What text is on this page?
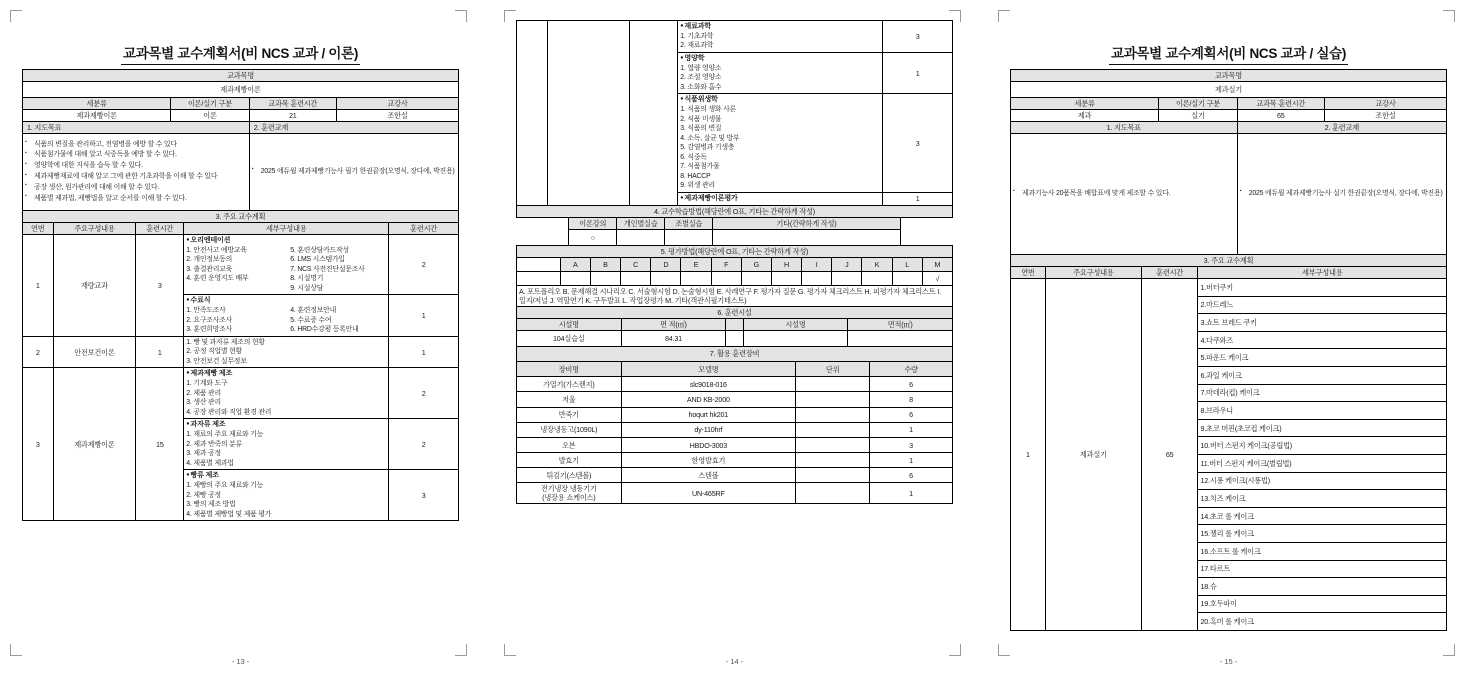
교과목별 교수계획서(비 NCS 교과 / 이론)
교과목명			
제과제빵이론			
세분류	이론/실기 구분	교과목 훈련시간	교강사
제과제빵이론	이론	21	조한설
1. 지도목표		2. 훈련교재	

▪ 식품의 변질을 관리하고, 전염병을 예방 할 수 있다
▪ 식품첨가물에 대해 알고 식중독을 예방 할 수 있다.
▪ 영양학에 대한 지식을 습득 할 수 있다.
▪ 제과제빵재료에 대해 알고 그에 관한 기초과학을 이해 할 수 있다
▪ 공장 생산, 원가관리에 대해 이해 할 수 있다.
▪ 제품별 제과법, 제빵법을 알고 순서를 이해 할 수 있다.

▪ 2025 에듀윌 제과제빵기능사 필기 한권끝장(오명식, 장다에, 박진용)
3. 주요 교수계획				
연번	주요구성내용	훈련시간	세부구성내용	훈련시간
1	재량교과	3	
● 오리엔테이션
1. 안전사고 예방교육
2. 개인정보동의
3. 출결관리교육
4. 훈련 운영지도 배부
5. 훈련상담카드작성
6. LMS 시스템가입
7. NCS 사전진단설문조사
8. 시설명기
9. 시설상담
	2

● 수료식
1. 만족도조사
2. 요구조사조사
3. 훈련희망조사
4. 훈련정보안내
5. 수료증 수여
6. HRD수강평 등록안내
	1
2	안전보건이론	1	
1. 빵 및 과자류 제조의 현황
2. 공정 직업별 현황
3. 안전보건 실무정보
	1
3	제과제빵이론	15	
● 제과제빵 제조
1. 기계와 도구
2. 제품 관리
3. 생산 관리
4. 공장 관리와 직업 환경 관리
	2

● 과자류 제조
1. 재료의 주요 재료와 기능
2. 제과 반죽의 분류
3. 제과 공정
4. 제품별 제과법
	2

● 빵류 제조
1. 제빵의 주요 재료와 기능
2. 제빵 공정
3. 빵의 제조 방법
4. 제품별 제빵법 및 제품 평가
	3
- 13 -

● 재료과학
1. 기초과학
2. 재료과학
	3

● 영양학
1. 열량 영양소
2. 조절 영양소
3. 소화와 흡수
	1

● 식품위생학
1. 식품의 생화 사론
2. 식품 미생물
3. 식품의 변질
4. 소독, 살균 및 방부
5. 감염병과 기생충
6. 식중독
7. 식품첨가물
8. HACCP
9. 위생 관리
	3

● 제과제빵이론평가	1
4. 교수학습방법(해당란에 O표, 기타는 간략하게 작성)					
	이론강의	개인별실습	조별실습	기타(간략하게 작성)	
	○				
5. 평가방법(해당란에 O표, 기타는 간략하게 작성)													
	A	B	C	D	E	F	G	H	I	J	K	L	M
													√
A. 포트폴리오 B. 문제해결 시나리오 C. 서술형시험 D. 논술형시험 E. 사례연구 F. 평가자 질문 G. 평가자 체크리스트 H. 피평가자 체크리스트 I. 일지/저널 J. 역할연기 K. 구두발표 L. 작업장평가 M. 기타(객관식필기테스트)													
6. 훈련시설				
시설명	면 적(㎡)		시설명	면적(㎡)
104실습실	84.31			
7. 활용 훈련장비			
장비명	모델명	단위	수량
가열기(가스렌지)	slc9018-016		6
저울	AND KB-2000		8
반죽기	hoqurt hk201		6
냉장냉동고(1090L)	dy-110hrf		1
오븐	HBDO-3003		3
발효기	한영발효기		1
튀김기(스텐볼)	스텐볼		6
전기냉장 냉동기기
(냉장용 쇼케이스)	UN-465RF		1
- 14 -
교과목별 교수계획서(비 NCS 교과 / 실습)
교과목명			
제과실기			
세분류	이론/실기 구분	교과목 훈련시간	교강사
제과	실기	65	조한설
1. 지도목표		2. 훈련교재	

▪ 제과기능사 20품목을 배합표에 맞게 제조할 수 있다.

▪2025 에듀윌 제과제빵기능사 실기 한권끝장(오명식, 장다에, 박진용)
3. 주요 교수계획			
연번	주요구성내용	훈련시간	세부구성내용
1	제과실기	65	1.버터쿠키
			2.마드레느
			3.쇼트 브레드 쿠키
			4.다쿠와즈
			5.파운드 케이크
			6.과일 케이크
			7.마데라(컵) 케이크
			8.브라우니
			9.초코 머핀(초코컵 케이크)
			10.버터 스펀지 케이크(공립법)
			11.버터 스펀지 케이크(별립법)
			12.시퐁 케이크(시퐁법)
			13.치즈 케이크
			14.초코 롤 케이크
			15.젤리 롤 케이크
			16.소프트 롤 케이크
			17.타르트
			18.슈
			19.호두파이
			20.흑미 롤 케이크
- 15 -
